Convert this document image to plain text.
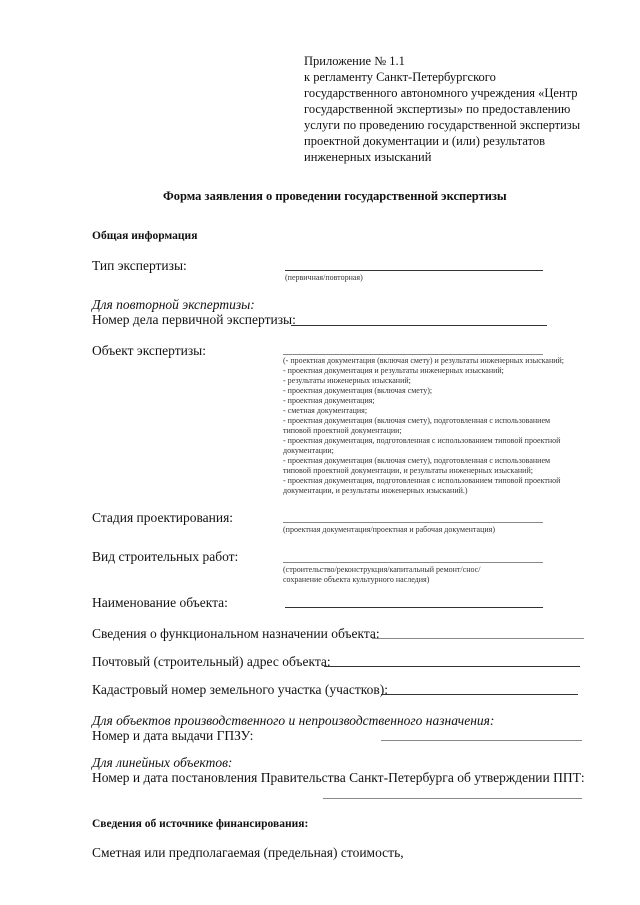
Приложение № 1.1
к регламенту Санкт-Петербургского
государственного автономного учреждения «Центр
государственной экспертизы» по предоставлению
услуги по проведению государственной экспертизы
проектной документации и (или) результатов
инженерных изысканий
Форма заявления о проведении государственной экспертизы
Общая информация
Тип экспертизы:
(первичная/повторная)
Для повторной экспертизы:
Номер дела первичной экспертизы:
Объект экспертизы:
(- проектная документация (включая смету) и результаты инженерных изысканий;
- проектная документация и результаты инженерных изысканий;
- результаты инженерных изысканий;
- проектная документация (включая смету);
- проектная документация;
- сметная документация;
- проектная документация (включая смету), подготовленная с использованием
типовой проектной документации;
- проектная документация, подготовленная с использованием типовой проектной
документации;
- проектная документация (включая смету), подготовленная с использованием
типовой проектной документации, и результаты инженерных изысканий;
- проектная документация, подготовленная с использованием типовой проектной
документации, и результаты инженерных изысканий.)
Стадия проектирования:
(проектная документация/проектная и рабочая документация)
Вид строительных работ:
(строительство/реконструкция/капитальный ремонт/снос/
сохранение объекта культурного наследия)
Наименование объекта:
Сведения о функциональном назначении объекта:
Почтовый (строительный) адрес объекта:
Кадастровый номер земельного участка (участков):
Для объектов производственного и непроизводственного назначения:
Номер и дата выдачи ГПЗУ:
Для линейных объектов:
Номер и дата постановления Правительства Санкт-Петербурга об утверждении ППТ:
Сведения об источнике финансирования:
Сметная или предполагаемая (предельная) стоимость,
